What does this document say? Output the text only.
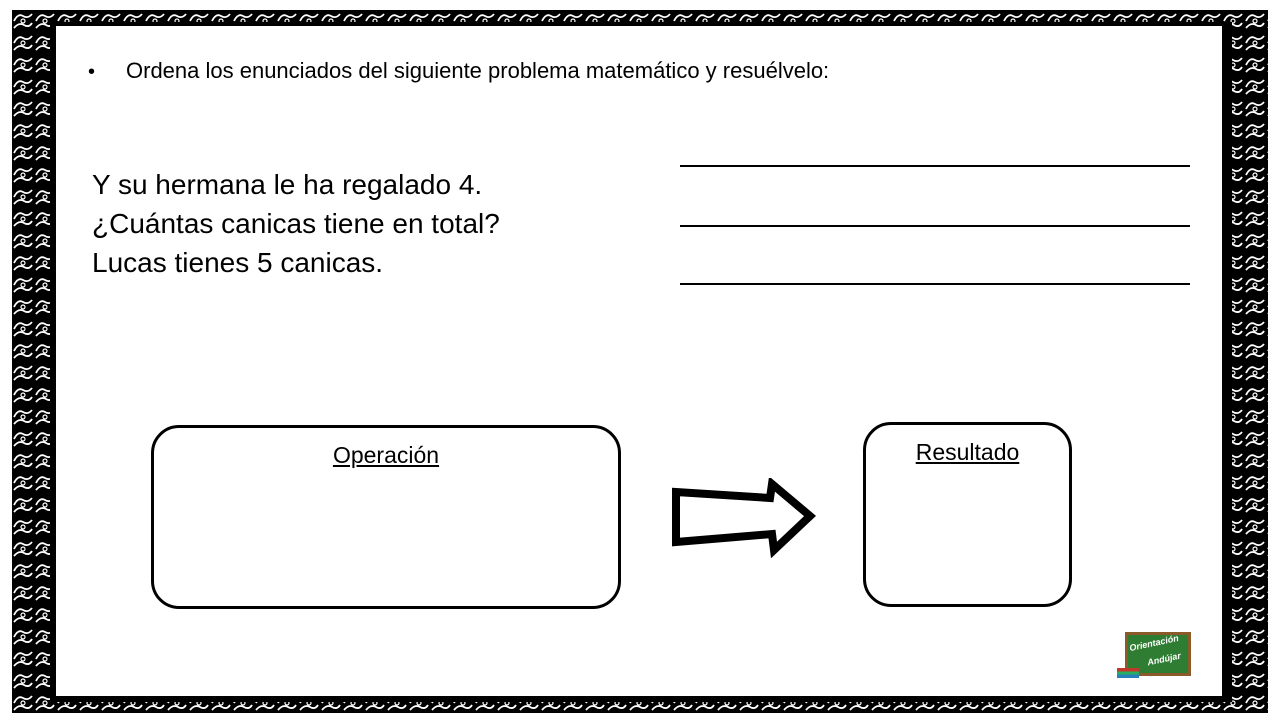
• Ordena los enunciados del siguiente problema matemático y resuélvelo:
Y su hermana le ha regalado 4.
¿Cuántas canicas tiene en total?
Lucas tienes 5 canicas.
Operación	Resultado
Orientación
Andújar
